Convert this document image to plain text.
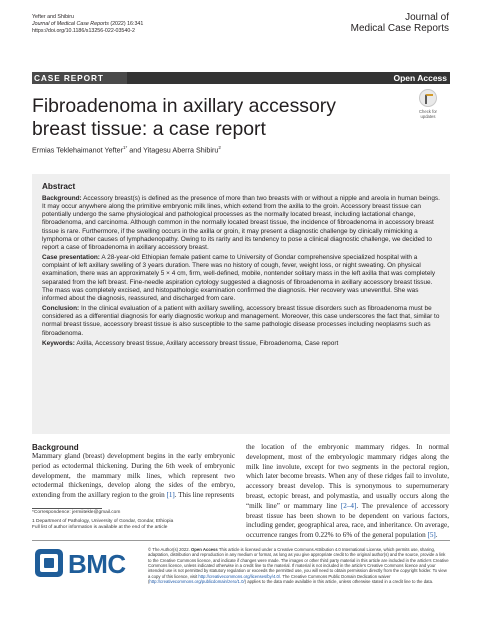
Yefter and Shibiru
Journal of Medical Case Reports (2022) 16:341
https://doi.org/10.1186/s13256-022-03540-2
Journal of
Medical Case Reports
CASE REPORT	Open Access
Fibroadenoma in axillary accessory breast tissue: a case report
Check for updates
Ermias Teklehaimanot Yefter$^{1*}$ and Yitagesu Aberra Shibiru$^2$
Abstract

Background: Accessory breast(s) is defined as the presence of more than two breasts with or without a nipple and areola in human beings. It may occur anywhere along the primitive embryonic milk lines, which extend from the axilla to the groin. Accessory breast tissue can potentially undergo the same physiological and pathological processes as the normally located breast, including lactational change, fibroadenoma, and carcinoma. Although common in the normally located breast tissue, the incidence of fibroadenoma in accessory breast tissue is rare. Furthermore, if the swelling occurs in the axilla or groin, it may present a diagnostic challenge by clinically mimicking a lymphoma or other causes of lymphadenopathy. Owing to its rarity and its tendency to pose a clinical diagnostic challenge, we decided to report a case of fibroadenoma in axillary accessory breast.

Case presentation: A 28-year-old Ethiopian female patient came to University of Gondar comprehensive specialized hospital with a complaint of left axillary swelling of 3 years duration. There was no history of cough, fever, weight loss, or night sweating. On physical examination, there was an approximately 5 × 4 cm, firm, well-defined, mobile, nontender solitary mass in the left axilla that was completely separated from the left breast. Fine-needle aspiration cytology suggested a diagnosis of fibroadenoma in axillary accessory breast tissue. The mass was completely excised, and histopathologic examination confirmed the diagnosis. Her recovery was uneventful. She was informed about the diagnosis, reassured, and discharged from care.

Conclusion: In the clinical evaluation of a patient with axillary swelling, accessory breast tissue disorders such as fibroadenoma must be considered as a differential diagnosis for early diagnostic workup and management. Moreover, this case underscores the fact that, similar to normal breast tissue, accessory breast tissue is also susceptible to the same pathologic disease processes including neoplasms such as fibroadenoma.

Keywords: Axilla, Accessory breast tissue, Axillary accessory breast tissue, Fibroadenoma, Case report

Background

Mammary gland (breast) development begins in the early embryonic period as ectodermal thickening. During the 6th week of embryonic development, the mammary milk lines, which represent two ectodermal thickenings, develop along the sides of the embryo, extending from the axillary region to the groin [1]. This line represents

the location of the embryonic mammary ridges. In normal development, most of the embryologic mammary ridges along the milk line involute, except for two segments in the pectoral region, which later become breasts. When any of these ridges fail to involute, accessory breast develop. This is synonymous to supernumerary breast, ectopic breast, and polymastia, and usually occurs along the “milk line” or mammary line [2–4]. The prevalence of accessory breast tissue has been shown to be dependent on various factors, including gender, geographical area, race, and inheritance. On average, occurrence ranges from 0.22% to 6% of the general population [5].

*Correspondence: jermiitekle@gmail.com
1 Department of Pathology, University of Gondar, Gondar, Ethiopia
Full list of author information is available at the end of the article
BMC	© The Author(s) 2022. Open Access This article is licensed under a Creative Commons Attribution 4.0 International License, which permits use, sharing, adaptation, distribution and reproduction in any medium or format, as long as you give appropriate credit to the original author(s) and the source, provide a link to the Creative Commons licence, and indicate if changes were made. The images or other third party material in this article are included in the article’s Creative Commons licence, unless indicated otherwise in a credit line to the material. If material is not included in the article’s Creative Commons licence and your intended use is not permitted by statutory regulation or exceeds the permitted use, you will need to obtain permission directly from the copyright holder. To view a copy of this licence, visit http://creativecommons.org/licenses/by/4.0/. The Creative Commons Public Domain Dedication waiver (http://creativecommons.org/publicdomain/zero/1.0/) applies to the data made available in this article, unless otherwise stated in a credit line to the data.
